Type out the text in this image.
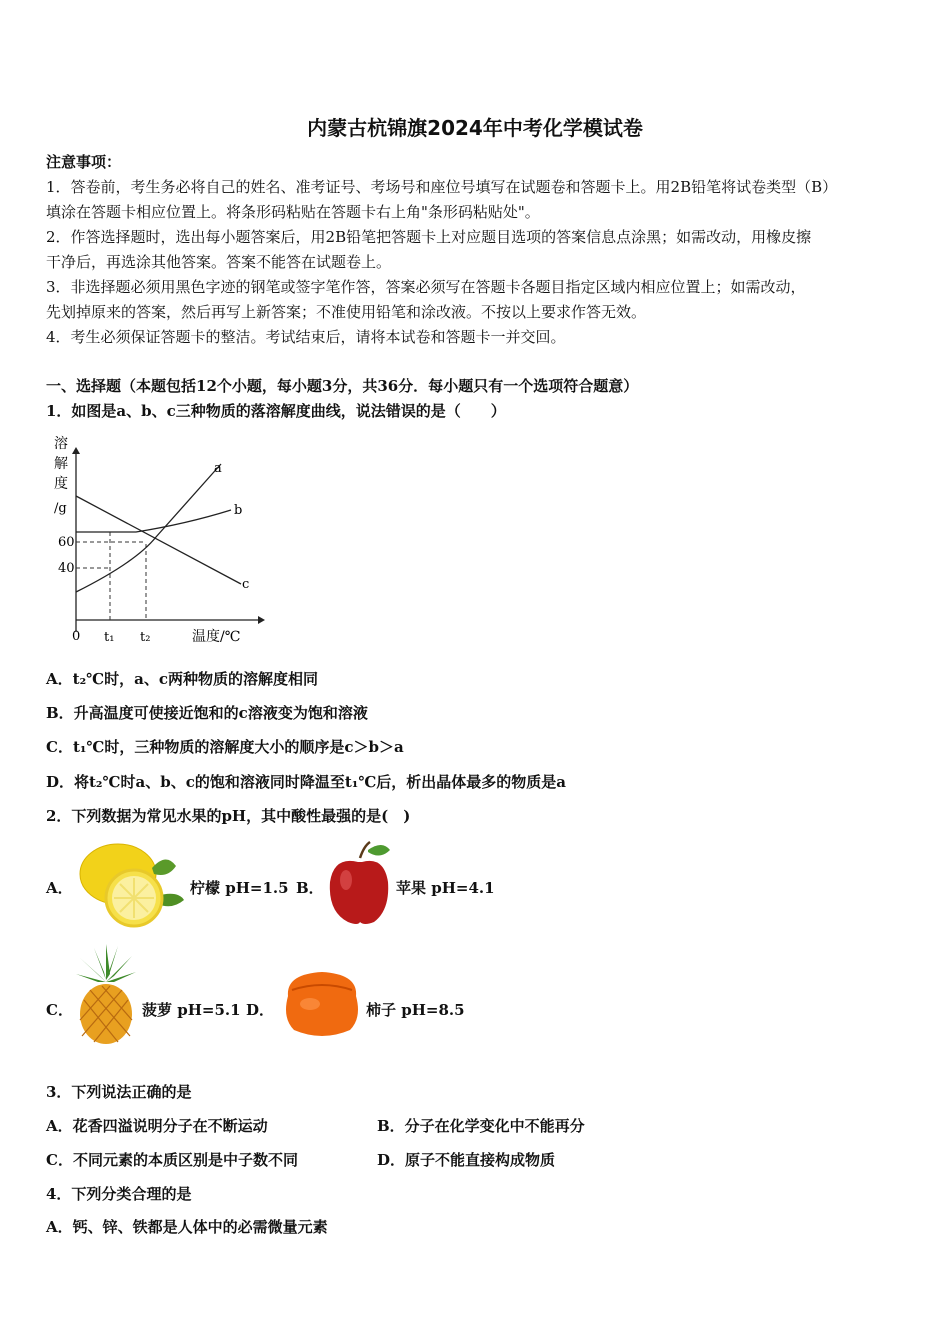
内蒙古杭锦旗2024年中考化学模试卷
注意事项：
1．答卷前，考生务必将自己的姓名、准考证号、考场号和座位号填写在试题卷和答题卡上。用2B铅笔将试卷类型（B）
填涂在答题卡相应位置上。将条形码粘贴在答题卡右上角"条形码粘贴处"。
2．作答选择题时，选出每小题答案后，用2B铅笔把答题卡上对应题目选项的答案信息点涂黑；如需改动，用橡皮擦
干净后，再选涂其他答案。答案不能答在试题卷上。
3．非选择题必须用黑色字迹的钢笔或签字笔作答，答案必须写在答题卡各题目指定区域内相应位置上；如需改动，
先划掉原来的答案，然后再写上新答案；不准使用铅笔和涂改液。不按以上要求作答无效。
4．考生必须保证答题卡的整洁。考试结束后，请将本试卷和答题卡一并交回。
一、选择题（本题包括12个小题，每小题3分，共36分．每小题只有一个选项符合题意）
1．如图是a、b、c三种物质的落溶解度曲线，说法错误的是（　　）
a
b
c
溶
解
度
/g
60
40
0 t₁ t₂	温度/℃
A．t₂℃时，a、c两种物质的溶解度相同
B．升高温度可使接近饱和的c溶液变为饱和溶液
C．t₁℃时，三种物质的溶解度大小的顺序是c＞b＞a
D．将t₂℃时a、b、c的饱和溶液同时降温至t₁℃后，析出晶体最多的物质是a
2．下列数据为常见水果的pH，其中酸性最强的是(　)
A．	柠檬 pH=1.5 B．	苹果 pH=4.1
C．	菠萝 pH=5.1 D．	柿子 pH=8.5
3．下列说法正确的是
A．花香四溢说明分子在不断运动	B．分子在化学变化中不能再分
C．不同元素的本质区别是中子数不同	D．原子不能直接构成物质
4．下列分类合理的是
A．钙、锌、铁都是人体中的必需微量元素
